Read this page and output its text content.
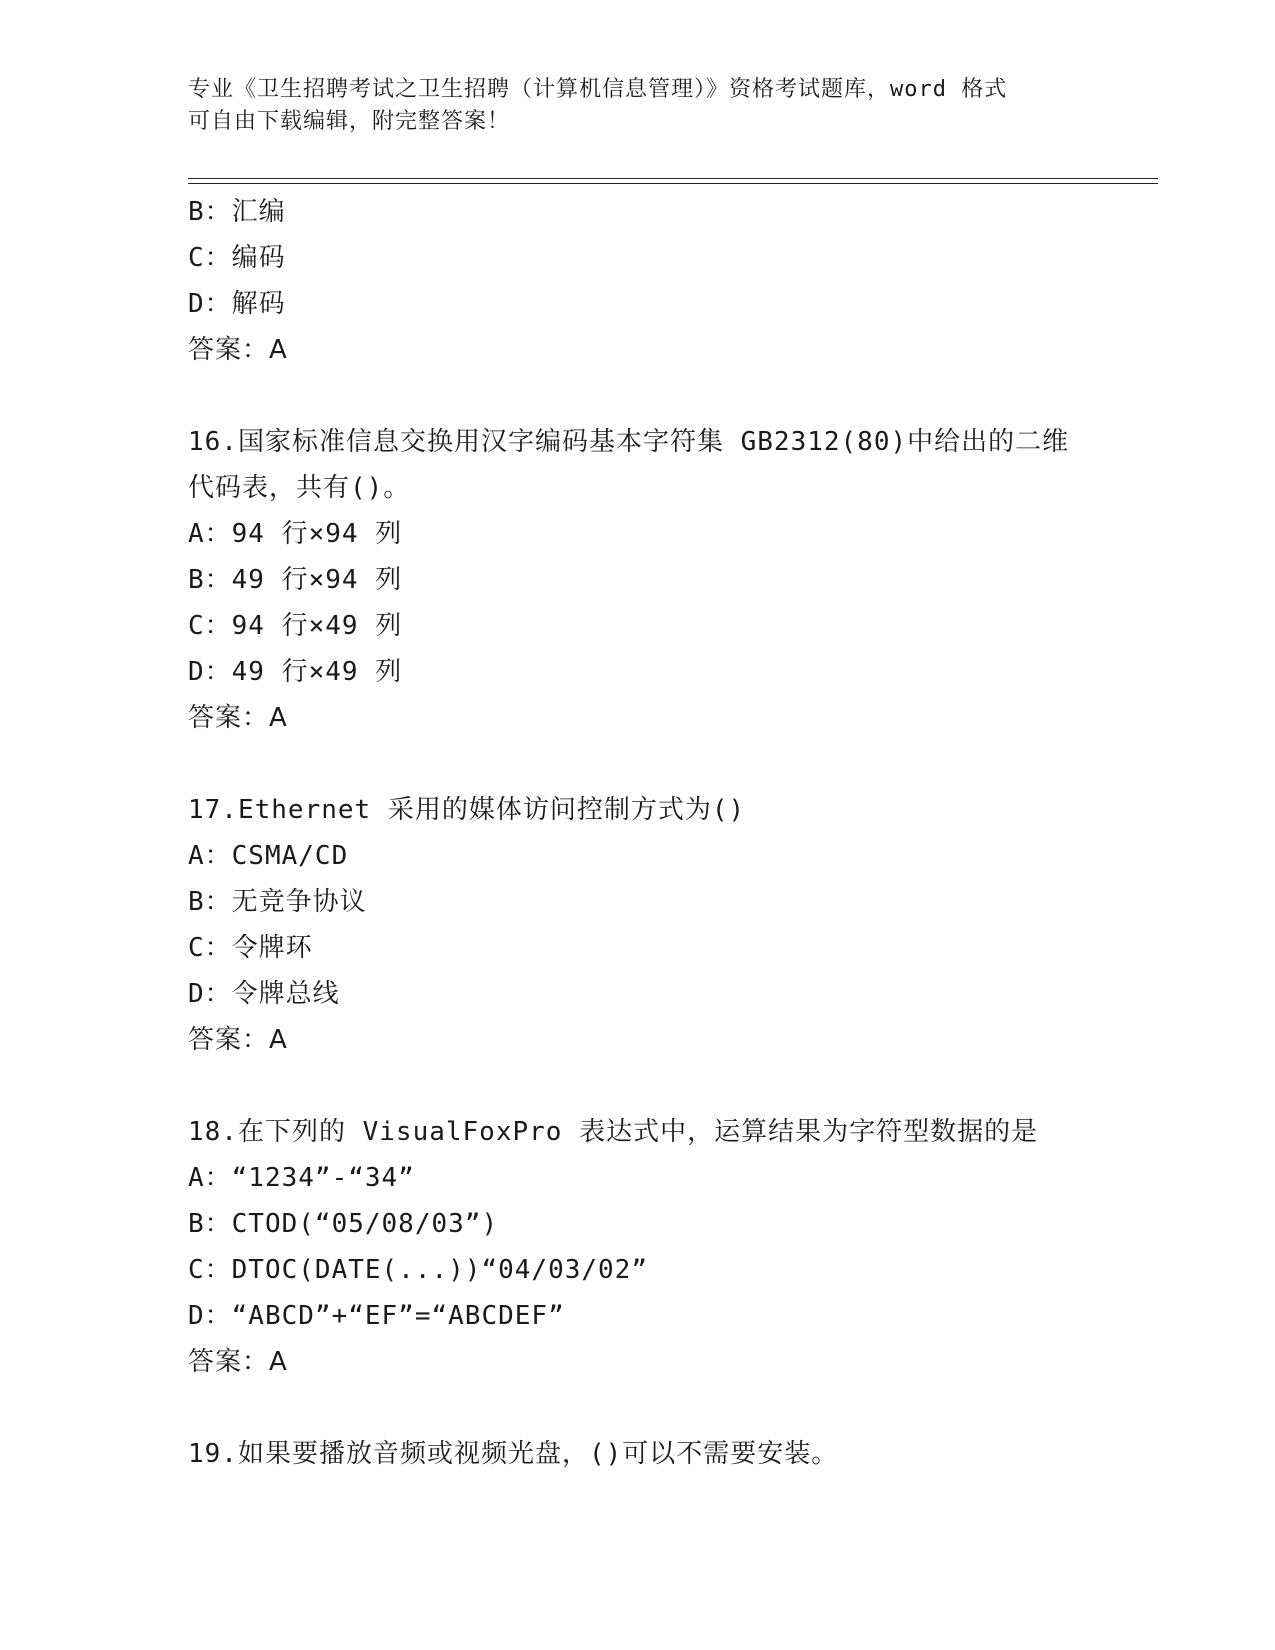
专业《卫生招聘考试之卫生招聘（计算机信息管理）》资格考试题库，word 格式
可自由下载编辑，附完整答案！
B：汇编
C：编码
D：解码
答案：A
16.国家标准信息交换用汉字编码基本字符集 GB2312(80)中给出的二维
代码表，共有()。
A：94 行×94 列
B：49 行×94 列
C：94 行×49 列
D：49 行×49 列
答案：A
17.Ethernet 采用的媒体访问控制方式为()
A：CSMA/CD
B：无竞争协议
C：令牌环
D：令牌总线
答案：A
18.在下列的 VisualFoxPro 表达式中，运算结果为字符型数据的是
A：“1234”-“34”
B：CTOD(“05/08/03”)
C：DTOC(DATE(...))“04/03/02”
D：“ABCD”+“EF”=“ABCDEF”
答案：A
19.如果要播放音频或视频光盘，()可以不需要安装。
